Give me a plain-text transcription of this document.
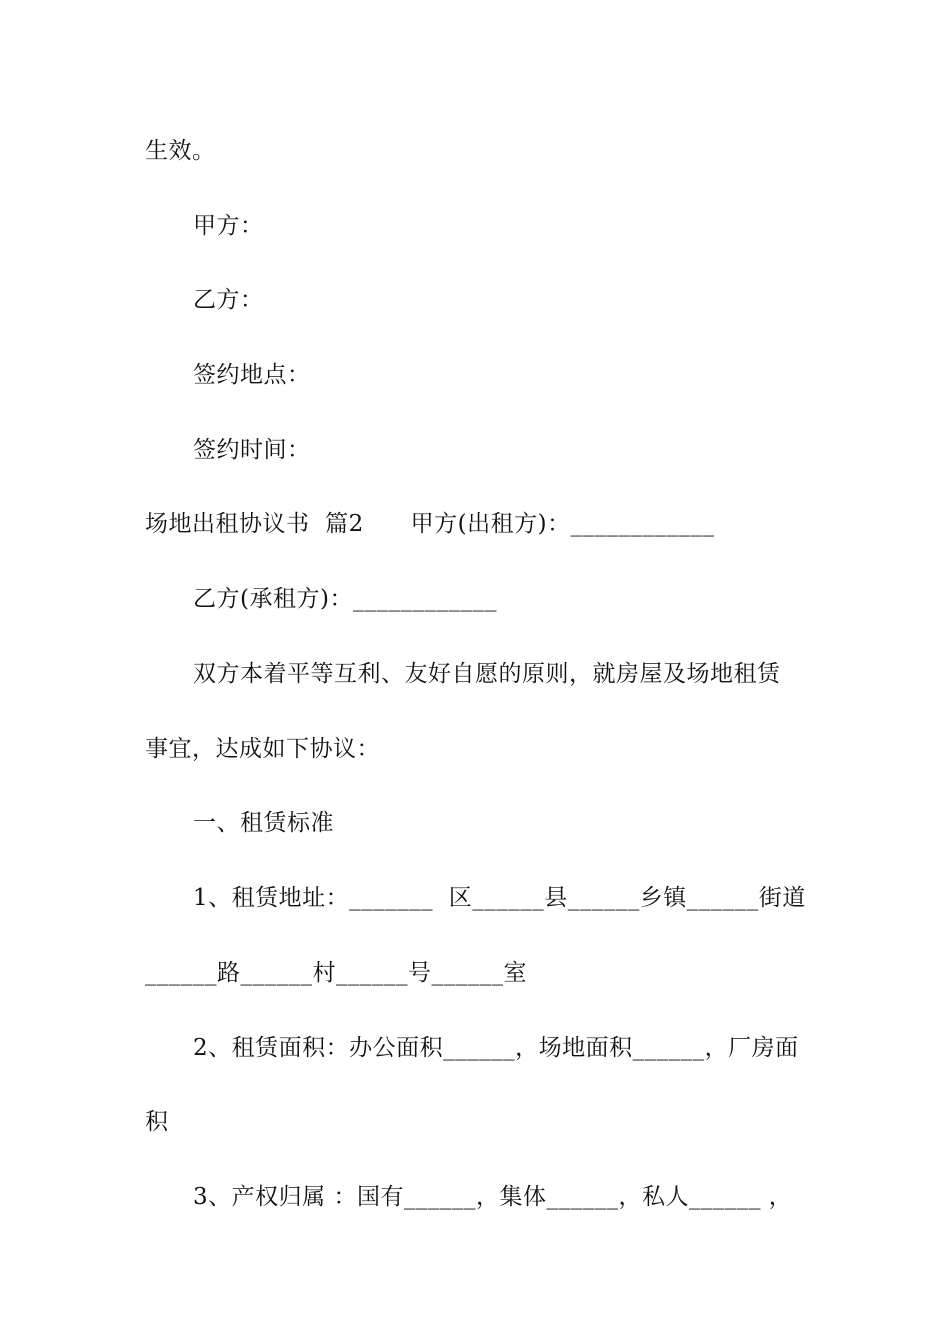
生效。
甲方：
乙方：
签约地点：
签约时间：
场地出租协议书  篇2      甲方(出租方)：____________
乙方(承租方)：____________
双方本着平等互利、友好自愿的原则，就房屋及场地租赁
事宜，达成如下协议：
一、租赁标准
1、租赁地址：_______  区______县______乡镇______街道
______路______村______号______室
2、租赁面积：办公面积______，场地面积______，厂房面
积
3、产权归属 ：国有______，集体______，私人______ ，
